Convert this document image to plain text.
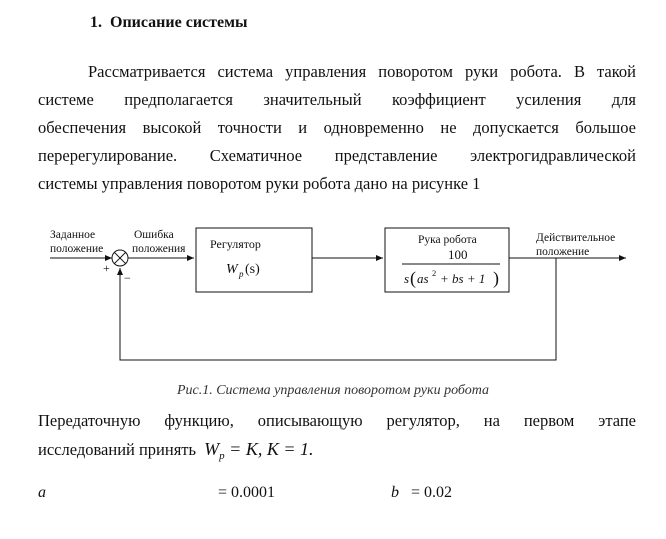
1. Описание системы
Рассматривается система управления поворотом руки робота. В такой
системе предполагается значительный коэффициент усиления для
обеспечения высокой точности и одновременно не допускается большое
перерегулирование. Схематичное представление электрогидравлической
системы управления поворотом руки робота дано на рисунке 1
Заданное
положение
Ошибка
положения
+
−
Регулятор
W p (s)
Рука робота
100
s ( as 2 + bs + 1 )
Действительное
положение
Рис.1. Система управления поворотом руки робота
Передаточную функцию, описывающую регулятор, на первом этапе
исследований принять $W_p = K$, K = 1.
a	= 0.0001	b = 0.02
